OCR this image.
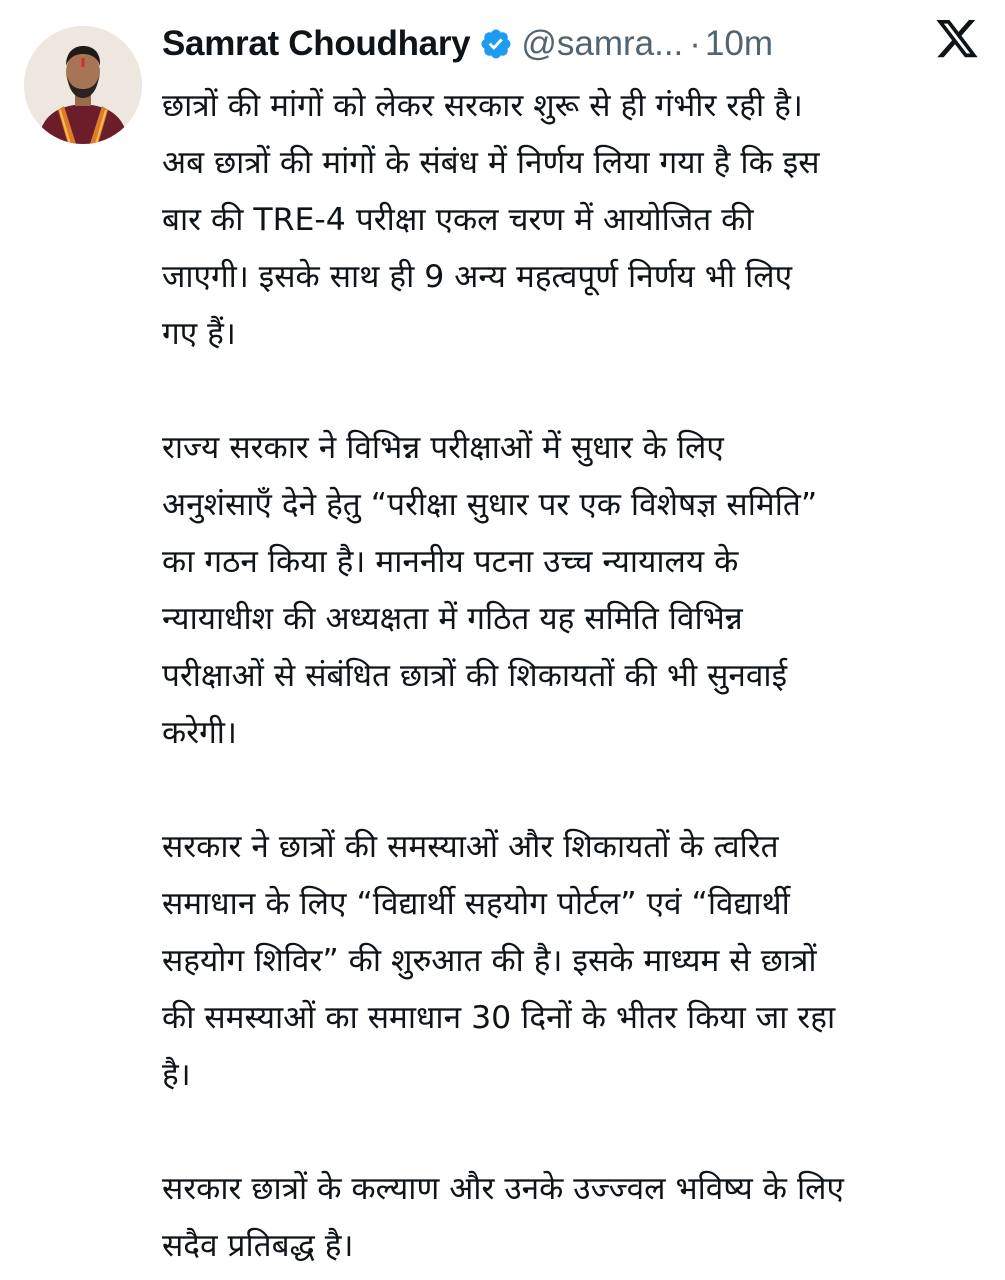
Samrat Choudhary @samra... · 10m
छात्रों की मांगों को लेकर सरकार शुरू से ही गंभीर रही है।
अब छात्रों की मांगों के संबंध में निर्णय लिया गया है कि इस
बार की TRE-4 परीक्षा एकल चरण में आयोजित की
जाएगी। इसके साथ ही 9 अन्य महत्वपूर्ण निर्णय भी लिए
गए हैं।
राज्य सरकार ने विभिन्न परीक्षाओं में सुधार के लिए
अनुशंसाएँ देने हेतु “परीक्षा सुधार पर एक विशेषज्ञ समिति”
का गठन किया है। माननीय पटना उच्च न्यायालय के
न्यायाधीश की अध्यक्षता में गठित यह समिति विभिन्न
परीक्षाओं से संबंधित छात्रों की शिकायतों की भी सुनवाई
करेगी।
सरकार ने छात्रों की समस्याओं और शिकायतों के त्वरित
समाधान के लिए “विद्यार्थी सहयोग पोर्टल” एवं “विद्यार्थी
सहयोग शिविर” की शुरुआत की है। इसके माध्यम से छात्रों
की समस्याओं का समाधान 30 दिनों के भीतर किया जा रहा
है।
सरकार छात्रों के कल्याण और उनके उज्ज्वल भविष्य के लिए
सदैव प्रतिबद्ध है।
